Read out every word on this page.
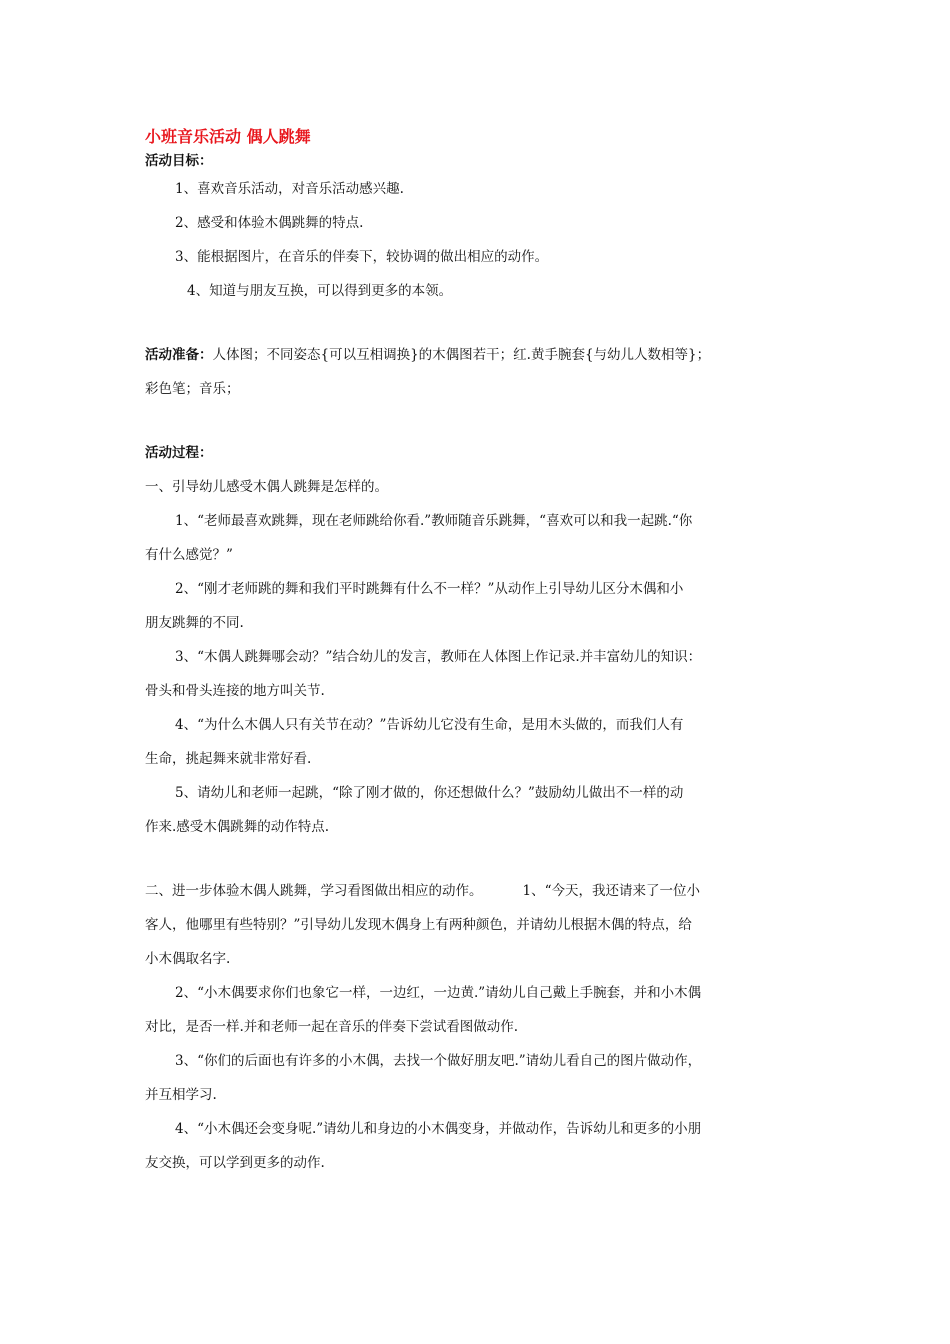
小班音乐活动 偶人跳舞
活动目标：
1、喜欢音乐活动，对音乐活动感兴趣.
2、感受和体验木偶跳舞的特点.
3、能根据图片，在音乐的伴奏下，较协调的做出相应的动作。
4、知道与朋友互换，可以得到更多的本领。
活动准备：人体图；不同姿态{可以互相调换}的木偶图若干；红.黄手腕套{与幼儿人数相等}；
彩色笔；音乐；
活动过程：
一、引导幼儿感受木偶人跳舞是怎样的。
1、“老师最喜欢跳舞，现在老师跳给你看.”教师随音乐跳舞，“喜欢可以和我一起跳.“你
有什么感觉？”
2、“刚才老师跳的舞和我们平时跳舞有什么不一样？”从动作上引导幼儿区分木偶和小
朋友跳舞的不同.
3、“木偶人跳舞哪会动？”结合幼儿的发言，教师在人体图上作记录.并丰富幼儿的知识：
骨头和骨头连接的地方叫关节.
4、“为什么木偶人只有关节在动？”告诉幼儿它没有生命，是用木头做的，而我们人有
生命，挑起舞来就非常好看.
5、请幼儿和老师一起跳，“除了刚才做的，你还想做什么？”鼓励幼儿做出不一样的动
作来.感受木偶跳舞的动作特点.
二、进一步体验木偶人跳舞，学习看图做出相应的动作。	1、“今天，我还请来了一位小
客人，他哪里有些特别？”引导幼儿发现木偶身上有两种颜色，并请幼儿根据木偶的特点，给
小木偶取名字.
2、“小木偶要求你们也象它一样，一边红，一边黄.”请幼儿自己戴上手腕套，并和小木偶
对比，是否一样.并和老师一起在音乐的伴奏下尝试看图做动作.
3、“你们的后面也有许多的小木偶，去找一个做好朋友吧.”请幼儿看自己的图片做动作，
并互相学习.
4、“小木偶还会变身呢.”请幼儿和身边的小木偶变身，并做动作，告诉幼儿和更多的小朋
友交换，可以学到更多的动作.
